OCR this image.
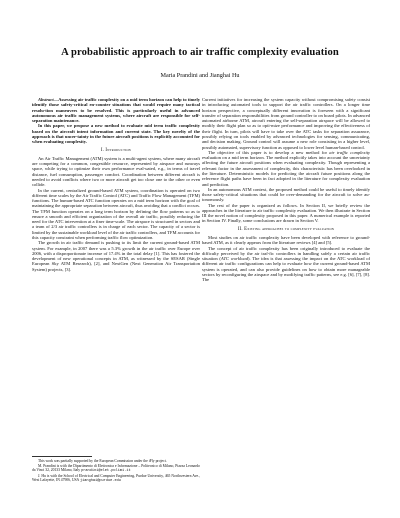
A probabilistic approach to air traffic complexity evaluation
Maria Prandini and Jianghai Hu

Abstract—Assessing air traffic complexity on a mid term horizon can help to timely identify those safety-critical en-counter situations that would require many tactical resolu-tion maneuvers to be resolved. This is particularly useful in advanced autonomous air traffic management systems, where aircraft are responsible for self-separation maintenance.

In this paper, we propose a new method to evaluate mid term traffic complexity based on the aircraft intent information and current state. The key novelty of the approach is that uncer-tainty in the future aircraft positions is explicitly accounted for when evaluating complexity.

I. Introduction

An Air Traffic Management (ATM) system is a multi-agent system, where many aircraft are competing for a common, congestible resource, represented by airspace and runways space, while trying to optimize their own performance eval-uated, e.g., in terms of travel distance, fuel consumption, passenger comfort. Coordination between different aircraft is needed to avoid conflicts where two or more aircraft get too close one to the other or even collide.

In the current, centralized ground-based ATM system, coordination is operated on two different time scales by the Air Traffic Control (ATC) and Traffic Flow Management (TFM) functions. The human-based ATC function operates on a mid term horizon with the goal of maintaining the appropriate separation between aircraft, thus avoiding that a conflict occurs. The TFM function operates on a long term horizon by defining the flow patterns so as to ensure a smooth and efficient organization of the overall air traffic, possibly reducing the need for the ATC intervention at a finer time-scale. The airspace is structured in sectors and a team of 2/3 air traffic controllers is in charge of each sector. The capacity of a sector is limited by the sustainable workload level of the air traffic controllers, and TFM accounts for this capacity constraint when performing traffic flow optimization.

The growth in air traffic demand is pushing to its limit the current ground-based ATM system. For example, in 2007 there was a 5.3% growth in the air traffic over Europe over 2006, with a disproportionate increase of 17.4% in the total delay [1]. This has fostered the development of new operational concepts in ATM, as witnessed by the SESAR (Single European Sky ATM Research), [2], and NextGen (Next Generation Air Transportation System) projects, [3].

This work was partially supported by the European Commission under the iFly project.
M. Prandini is with the Dipartimento di Elettronica e Informazione – Politecnico di Milano, Piazza Leonardo da Vinci 32, 20133 Milano, Italy prandini@elet.polimi.it
J. Hu is with the School of Electrical and Computer Engineering, Purdue University, 465 Northwestern Ave., West Lafayette, IN 47906, USA jianghai@purdue.edu

Current initiatives for increasing the system capacity without compromising safety consist in introducing automated tools to support the air traffic controllers. On a longer time horizon perspective, a conceptually different innovation is foreseen with a significant transfer of separation responsibilities from ground controller to on board pilots. In advanced automated airborne ATM, aircraft entering the self-separation airspace will be allowed to modify their flight plan so as to opti-mize performance and improving the effectiveness of their flight. In turn, pilots will have to take over the ATC tasks for separation assurance, possibly relying on tools enabled by advanced technologies for sensing, communicating, and decision making. Ground control will assume a new role consisting in a higher level, possibly automated, supervisory function as opposed to lower level human-based control.

The objective of this paper is to develop a new method for air traffic complexity evaluation on a mid term horizon. The method explicitly takes into account the uncertainty affecting the future aircraft positions when evaluating complexity. Though representing a relevant factor in the assessment of complexity, this characteristic has been overlooked in the literature. Deterministic models for predicting the aircraft future positions along the reference flight paths have been in fact adopted in the literature for complexity evaluation and prediction.

In an autonomous ATM context, the proposed method could be useful to timely identify those safety-critical situations that could be over-demanding for the aircraft to solve au-tonomously.

The rest of the paper is organized as follows. In Section II, we briefly review the approaches in the literature to air traffic complexity evaluation. We then illustrate in Section III the novel notion of complexity proposed in this paper. A numerical example is reported in Section IV. Finally, some conclusions are drawn in Section V.

II. Existing approaches to complexity evaluation

Most studies on air traffic complexity have been developed with reference to ground-based ATM, as it clearly appears from the literature reviews [4] and [5].

The concept of air traffic complexity has been originally introduced to evaluate the difficulty perceived by the air traf-fic controllers in handling safely a certain air traffic situation (ATC workload). The idea is that assessing the impact on the ATC workload of different air traffic configurations can help to evaluate how the current ground-based ATM system is operated, and can also provide guidelines on how to obtain more manageable sectors by reconfiguring the airspace and by modifying traffic patterns, see e.g. [6], [7], [8]. The
